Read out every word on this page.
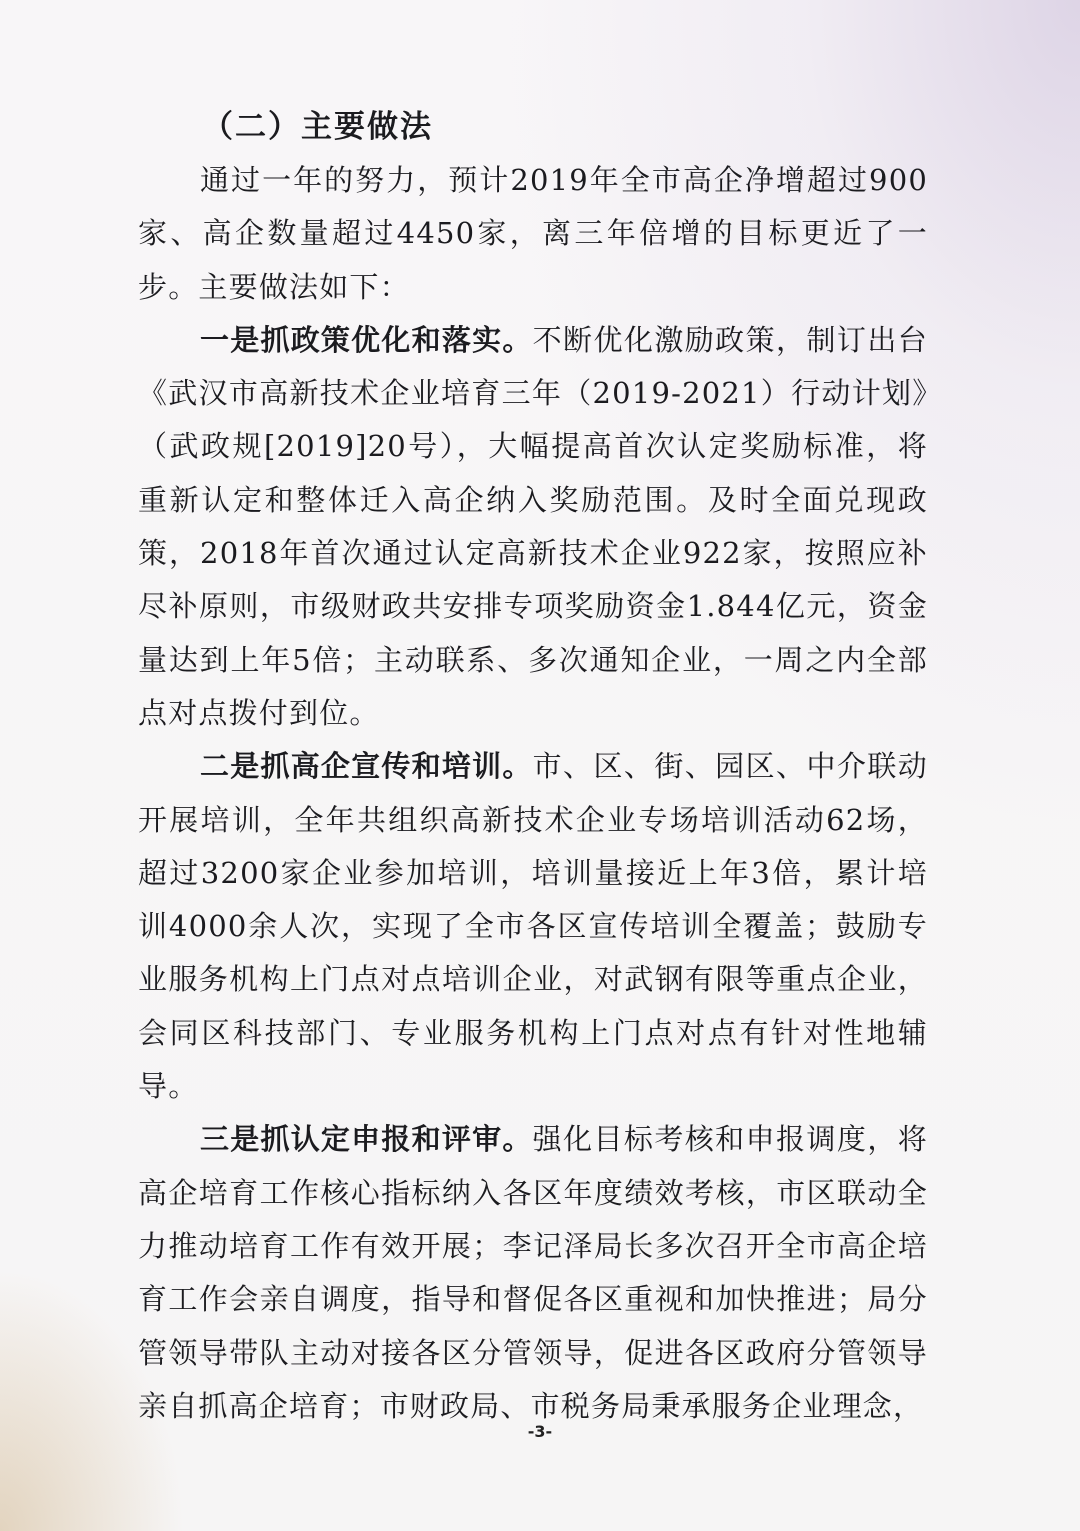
（二）主要做法

通过一年的努力，预计2019年全市高企净增超过900家、高企数量超过4450家，离三年倍增的目标更近了一步。主要做法如下：

一是抓政策优化和落实。不断优化激励政策，制订出台《武汉市高新技术企业培育三年（2019-2021）行动计划》（武政规[2019]20号），大幅提高首次认定奖励标准，将重新认定和整体迁入高企纳入奖励范围。及时全面兑现政策，2018年首次通过认定高新技术企业922家，按照应补尽补原则，市级财政共安排专项奖励资金1.844亿元，资金量达到上年5倍；主动联系、多次通知企业，一周之内全部点对点拨付到位。

二是抓高企宣传和培训。市、区、街、园区、中介联动开展培训，全年共组织高新技术企业专场培训活动62场，超过3200家企业参加培训，培训量接近上年3倍，累计培训4000余人次，实现了全市各区宣传培训全覆盖；鼓励专业服务机构上门点对点培训企业，对武钢有限等重点企业，会同区科技部门、专业服务机构上门点对点有针对性地辅导。

三是抓认定申报和评审。强化目标考核和申报调度，将高企培育工作核心指标纳入各区年度绩效考核，市区联动全力推动培育工作有效开展；李记泽局长多次召开全市高企培育工作会亲自调度，指导和督促各区重视和加快推进；局分管领导带队主动对接各区分管领导，促进各区政府分管领导亲自抓高企培育；市财政局、市税务局秉承服务企业理念，

-3-
